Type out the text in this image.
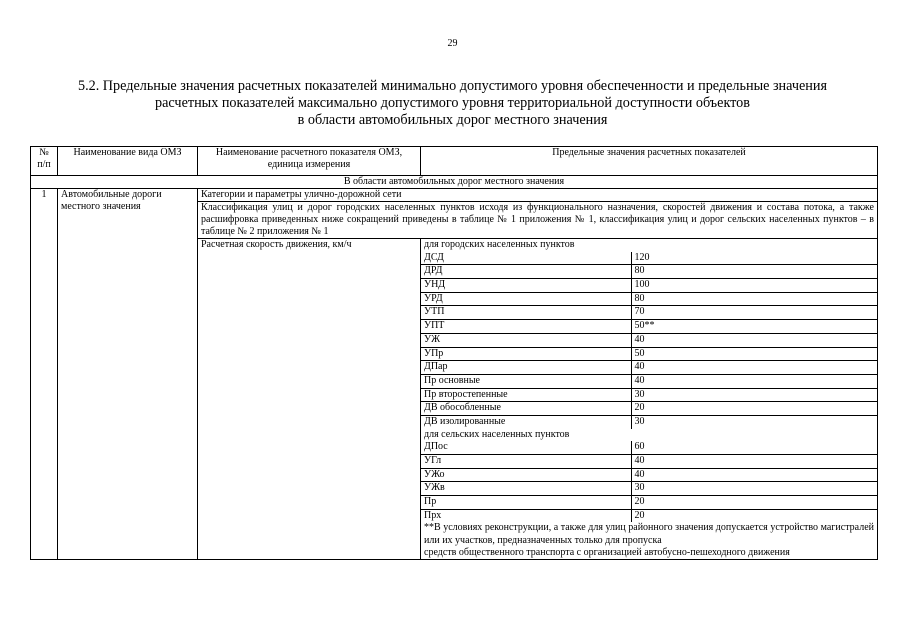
29
5.2. Предельные значения расчетных показателей минимально допустимого уровня обеспеченности и предельные значения
расчетных показателей максимально допустимого уровня территориальной доступности объектов
в области автомобильных дорог местного значения
№ п/п	Наименование вида ОМЗ	Наименование расчетного показателя ОМЗ, единица измерения	Предельные значения расчетных показателей
В области автомобильных дорог местного значения
1	Автомобильные дороги местного значения	Категории и параметры улично-дорожной сети
Классификация улиц и дорог городских населенных пунктов исходя из функционального назначения, скоростей движения и состава потока, а также расшифровка приведенных ниже сокращений приведены в таблице № 1 приложения № 1, классификация улиц и дорог сельских населенных пунктов – в таблице № 2 приложения № 1
Расчетная скорость движения, км/ч		для городских населенных пунктов
ДСД	120
ДРД	80
УНД	100
УРД	80
УТП	70
УПТ	50**
УЖ	40
УПр	50
ДПар	40
Пр основные	40
Пр второстепенные	30
ДВ обособленные	20
ДВ изолированные	30
для сельских населенных пунктов
ДПос	60
УГл	40
УЖо	40
УЖв	30
Пр	20
Прх	20
**В условиях реконструкции, а также для улиц районного значения допускается устройство магистралей или их участков, предназначенных только для пропуска
средств общественного транспорта с организацией автобусно-пешеходного движения
